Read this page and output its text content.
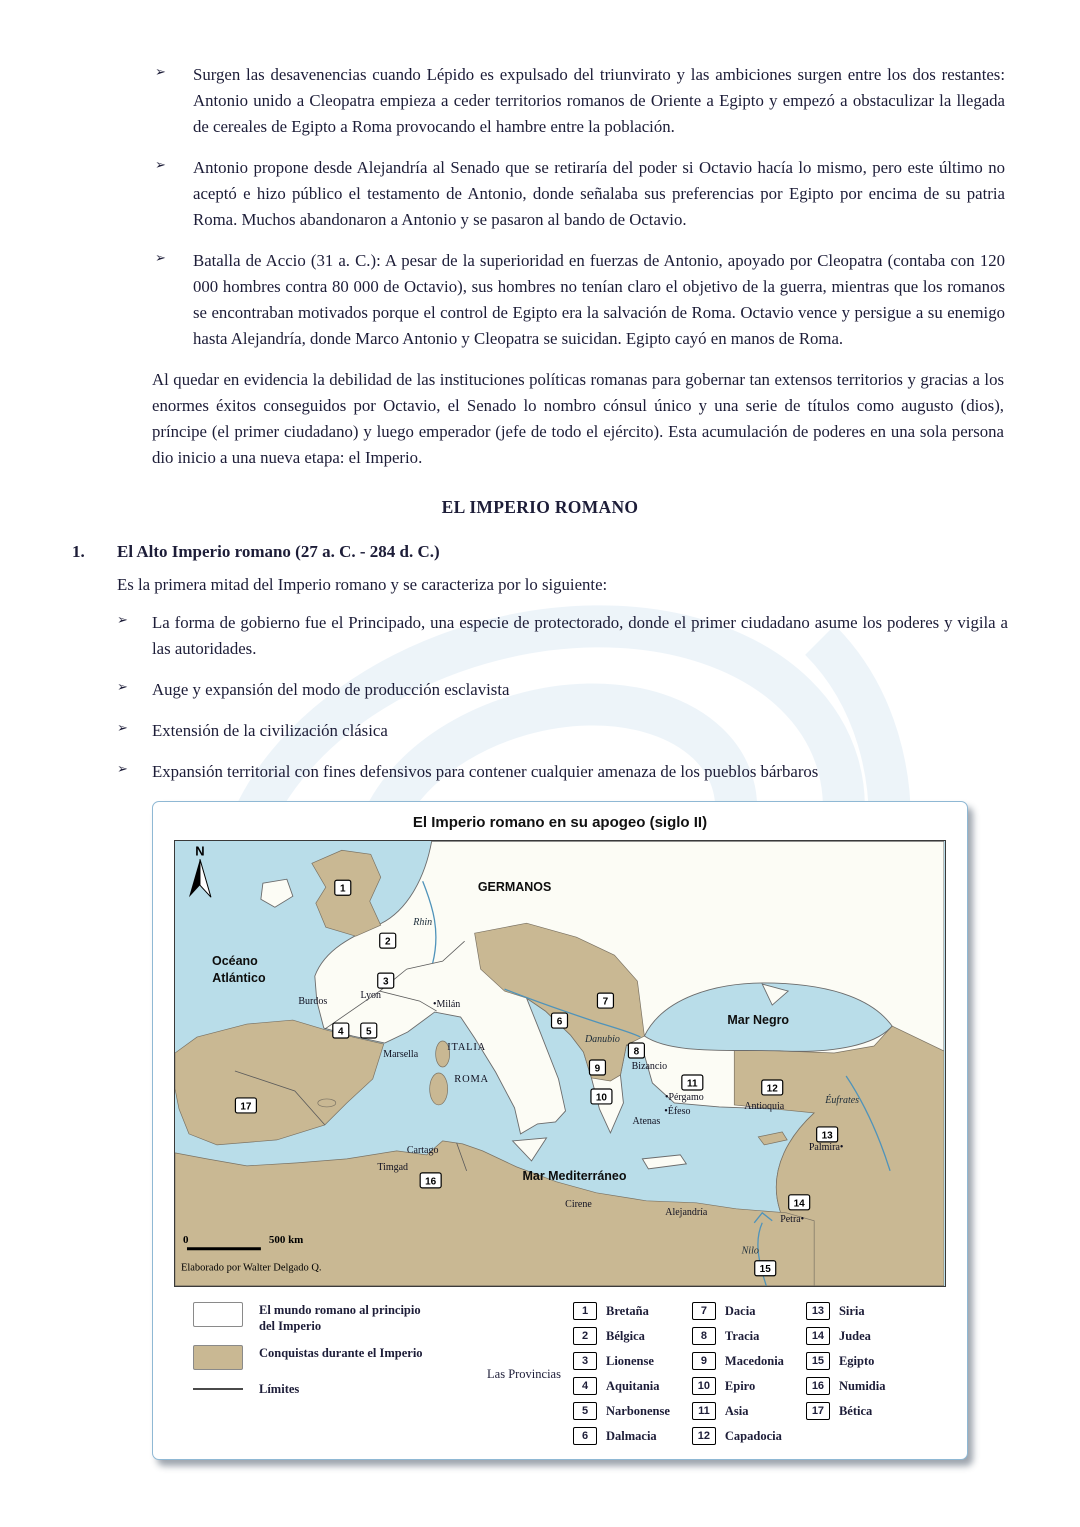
➢	Surgen las desavenencias cuando Lépido es expulsado del triunvirato y las ambiciones surgen entre los dos restantes: Antonio unido a Cleopatra empieza a ceder territorios romanos de Oriente a Egipto y empezó a obstaculizar la llegada de cereales de Egipto a Roma provocando el hambre entre la población.
➢	Antonio propone desde Alejandría al Senado que se retiraría del poder si Octavio hacía lo mismo, pero este último no aceptó e hizo público el testamento de Antonio, donde señalaba sus preferencias por Egipto por encima de su patria Roma. Muchos abandonaron a Antonio y se pasaron al bando de Octavio.
➢	Batalla de Accio (31 a. C.): A pesar de la superioridad en fuerzas de Antonio, apoyado por Cleopatra (contaba con 120 000 hombres contra 80 000 de Octavio), sus hombres no tenían claro el objetivo de la guerra, mientras que los romanos se encontraban motivados porque el control de Egipto era la salvación de Roma. Octavio vence y persigue a su enemigo hasta Alejandría, donde Marco Antonio y Cleopatra se suicidan. Egipto cayó en manos de Roma.
Al quedar en evidencia la debilidad de las instituciones políticas romanas para gobernar tan extensos territorios y gracias a los enormes éxitos conseguidos por Octavio, el Senado lo nombro cónsul único y una serie de títulos como augusto (dios), príncipe (el primer ciudadano) y luego emperador (jefe de todo el ejército). Esta acumulación de poderes en una sola persona dio inicio a una nueva etapa: el Imperio.
EL IMPERIO ROMANO
1.	El Alto Imperio romano (27 a. C. - 284 d. C.)
Es la primera mitad del Imperio romano y se caracteriza por lo siguiente:
➢	La forma de gobierno fue el Principado, una especie de protectorado, donde el primer ciudadano asume los poderes y vigila a las autoridades.
➢	Auge y expansión del modo de producción esclavista
➢	Extensión de la civilización clásica
➢	Expansión territorial con fines defensivos para contener cualquier amenaza de los pueblos bárbaros
El Imperio romano en su apogeo (siglo II)
N
0	500 km
Elaborado por Walter Delgado Q.
GERMANOS
Rhin
Océano
Atlántico
Burdos
Lyon
•Milán
Mar Negro
Danubio
Marsella
ITALIA
Bizancio
ROMA
•Pérgamo
Antioquia
Éufrates
•Éfeso
Atenas
Palmira•
Cartago
Timgad
Mar Mediterráneo
Cirene
Alejandría
Petra•
Nilo
1
2
3
4 5
6
7
8
9
10
11	12
13
14
15
16
17
El mundo romano al principio del Imperio
Conquistas durante el Imperio
Límites
Las Provincias
1	Bretaña
2	Bélgica
3	Lionense
4	Aquitania
5	Narbonense
6	Dalmacia
7	Dacia
8	Tracia
9	Macedonia
10	Epiro
11	Asia
12	Capadocia
13	Siria
14	Judea
15	Egipto
16	Numidia
17	Bética
